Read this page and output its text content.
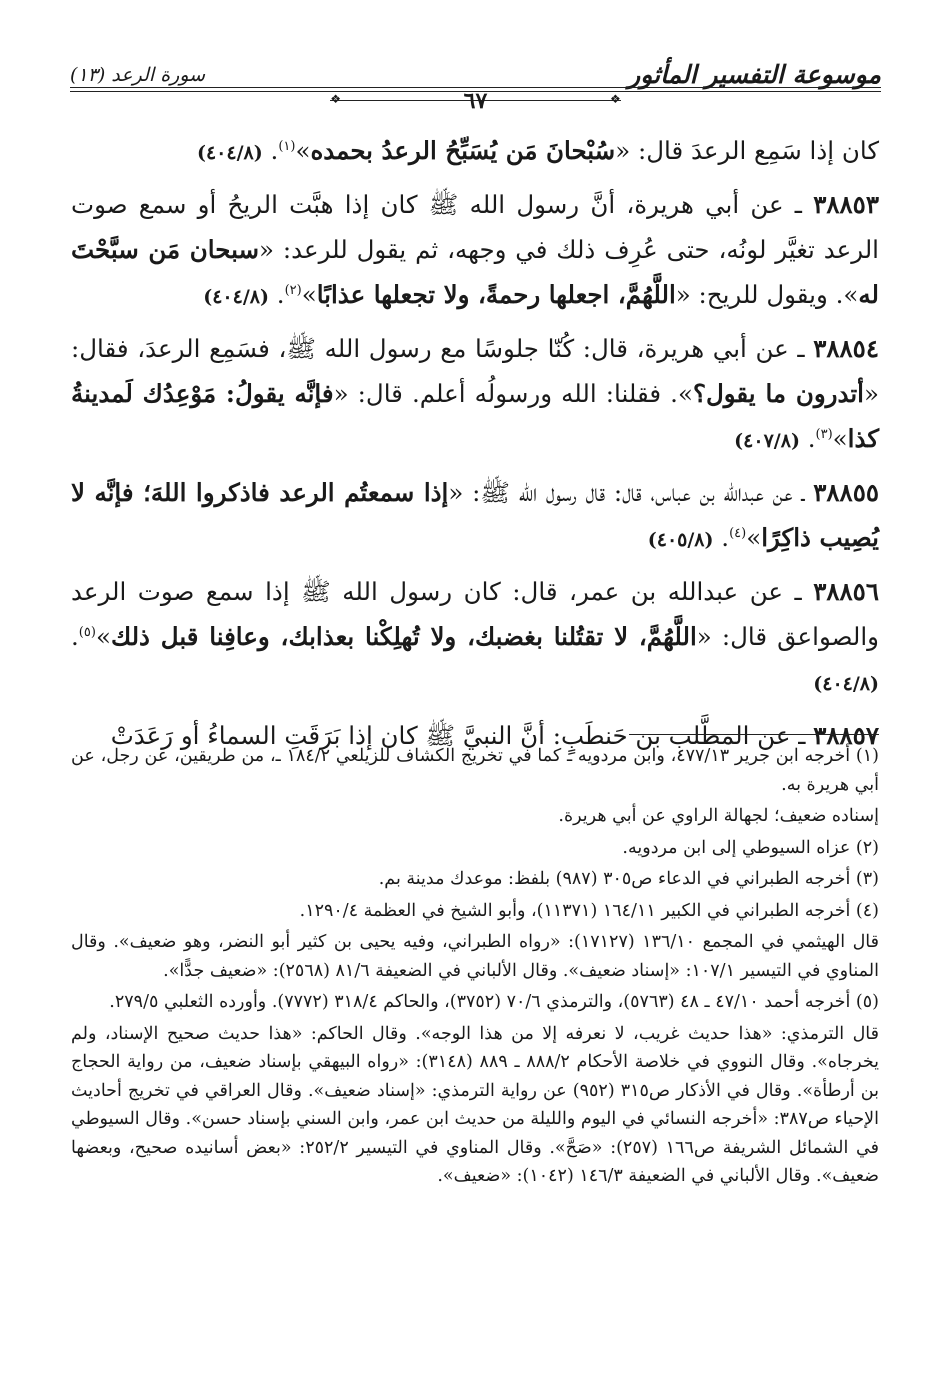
موسوعة التفسير المأثور
سورة الرعد (١٣)
❖	❖
٦٧

كان إذا سَمِع الرعدَ قال: «سُبْحانَ مَن يُسَبِّحُ الرعدُ بحمده»$^{(١)}$. (٤٠٤/٨)

٣٨٨٥٣ ـ عن أبي هريرة، أنَّ رسول الله ﷺ كان إذا هبَّت الريحُ أو سمع صوت الرعد تغيَّر لونُه، حتى عُرِف ذلك في وجهه، ثم يقول للرعد: «سبحان مَن سبَّحْتَ له». ويقول للريح: «اللَّهُمَّ، اجعلها رحمةً، ولا تجعلها عذابًا»$^{(٢)}$. (٤٠٤/٨)

٣٨٨٥٤ ـ عن أبي هريرة، قال: كُنّا جلوسًا مع رسول الله ﷺ، فسَمِع الرعدَ، فقال: «أتدرون ما يقول؟». فقلنا: الله ورسولُه أعلم. قال: «فإنَّه يقولُ: مَوْعِدُك لَمدينةُ كذا»$^{(٣)}$. (٤٠٧/٨)

٣٨٨٥٥ ـ عن عبدالله بن عباس، قال: قال رسول الله ﷺ: «إذا سمعتُم الرعد فاذكروا اللهَ؛ فإنَّه لا يُصِيب ذاكِرًا»$^{(٤)}$. (٤٠٥/٨)

٣٨٨٥٦ ـ عن عبدالله بن عمر، قال: كان رسول الله ﷺ إذا سمع صوت الرعد والصواعق قال: «اللَّهُمَّ، لا تقتُلنا بغضبك، ولا تُهلِكْنا بعذابك، وعافِنا قبل ذلك»$^{(٥)}$. (٤٠٤/٨)

٣٨٨٥٧ ـ عن المطَّلب بن حَنطَبٍ: أنَّ النبيَّ ﷺ كان إذا بَرَقَتِ السماءُ أو رَعَدَتْ

(١) أخرجه ابن جرير ٤٧٧/١٣، وابن مردويه ـ كما في تخريج الكشاف للزيلعي ١٨٤/٢ ـ، من طريقين، عن رجل، عن أبي هريرة به.

إسناده ضعيف؛ لجهالة الراوي عن أبي هريرة.

(٢) عزاه السيوطي إلى ابن مردويه.

(٣) أخرجه الطبراني في الدعاء ص٣٠٥ (٩٨٧) بلفظ: موعدك مدينة بم.

(٤) أخرجه الطبراني في الكبير ١٦٤/١١ (١١٣٧١)، وأبو الشيخ في العظمة ١٢٩٠/٤.

قال الهيثمي في المجمع ١٣٦/١٠ (١٧١٢٧): «رواه الطبراني، وفيه يحيى بن كثير أبو النضر، وهو ضعيف». وقال المناوي في التيسير ١٠٧/١: «إسناد ضعيف». وقال الألباني في الضعيفة ٨١/٦ (٢٥٦٨): «ضعيف جدًّا».

(٥) أخرجه أحمد ٤٧/١٠ ـ ٤٨ (٥٧٦٣)، والترمذي ٧٠/٦ (٣٧٥٢)، والحاكم ٣١٨/٤ (٧٧٧٢). وأورده الثعلبي ٢٧٩/٥.

قال الترمذي: «هذا حديث غريب، لا نعرفه إلا من هذا الوجه». وقال الحاكم: «هذا حديث صحيح الإسناد، ولم يخرجاه». وقال النووي في خلاصة الأحكام ٨٨٨/٢ ـ ٨٨٩ (٣١٤٨): «رواه البيهقي بإسناد ضعيف، من رواية الحجاج بن أرطأة». وقال في الأذكار ص٣١٥ (٩٥٢) عن رواية الترمذي: «إسناد ضعيف». وقال العراقي في تخريج أحاديث الإحياء ص٣٨٧: «أخرجه النسائي في اليوم والليلة من حديث ابن عمر، وابن السني بإسناد حسن». وقال السيوطي في الشمائل الشريفة ص١٦٦ (٢٥٧): «صَحَّ». وقال المناوي في التيسير ٢٥٢/٢: «بعض أسانيده صحيح، وبعضها ضعيف». وقال الألباني في الضعيفة ١٤٦/٣ (١٠٤٢): «ضعيف».
